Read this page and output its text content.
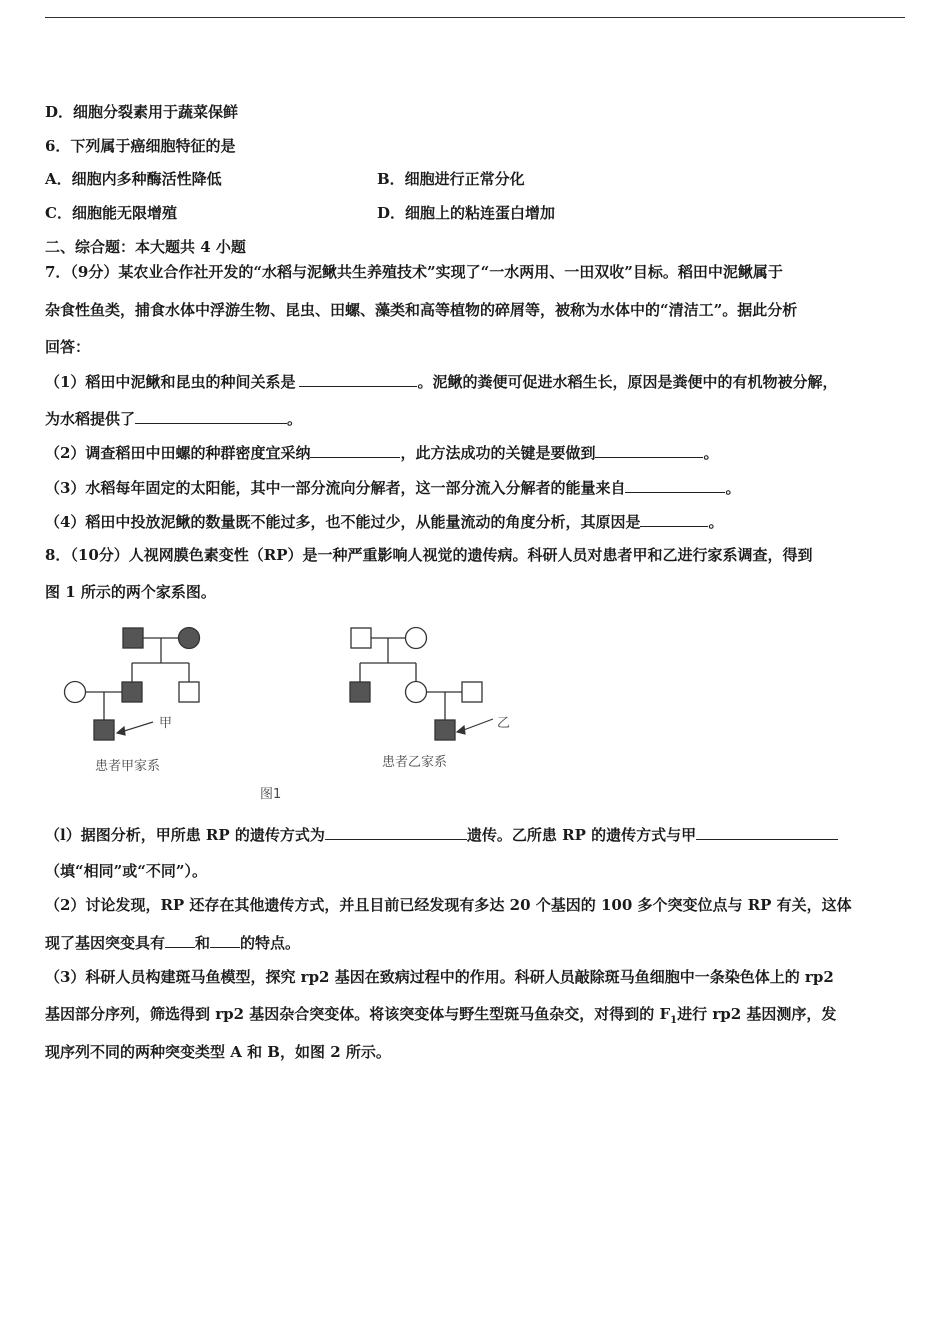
D．细胞分裂素用于蔬菜保鲜
6．下列属于癌细胞特征的是
A．细胞内多种酶活性降低	B．细胞进行正常分化
C．细胞能无限增殖	D．细胞上的粘连蛋白增加
二、综合题：本大题共 4 小题
7．（9分）某农业合作社开发的“水稻与泥鳅共生养殖技术”实现了“一水两用、一田双收”目标。稻田中泥鳅属于
杂食性鱼类，捕食水体中浮游生物、昆虫、田螺、藻类和高等植物的碎屑等，被称为水体中的“清洁工”。据此分析
回答：
（1）稻田中泥鳅和昆虫的种间关系是	。泥鳅的粪便可促进水稻生长，原因是粪便中的有机物被分解，
为水稻提供了	。
（2）调查稻田中田螺的种群密度宜采纳	，此方法成功的关键是要做到	。
（3）水稻每年固定的太阳能，其中一部分流向分解者，这一部分流入分解者的能量来自	。
（4）稻田中投放泥鳅的数量既不能过多，也不能过少，从能量流动的角度分析，其原因是	。
8．（10分）人视网膜色素变性（RP）是一种严重影响人视觉的遗传病。科研人员对患者甲和乙进行家系调查，得到
图 1 所示的两个家系图。
甲	乙
患者甲家系	患者乙家系
图1
（l）据图分析，甲所患 RP 的遗传方式为	遗传。乙所患 RP 的遗传方式与甲
（填“相同”或“不同”）。
（2）讨论发现，RP 还存在其他遗传方式，并且目前已经发现有多达 20 个基因的 100 多个突变位点与 RP 有关，这体
现了基因突变具有 和 的特点。
（3）科研人员构建斑马鱼模型，探究 rp2 基因在致病过程中的作用。科研人员敲除斑马鱼细胞中一条染色体上的 rp2
基因部分序列，筛选得到 rp2 基因杂合突变体。将该突变体与野生型斑马鱼杂交，对得到的 $F_1$进行 rp2 基因测序，发
现序列不同的两种突变类型 A 和 B，如图 2 所示。
